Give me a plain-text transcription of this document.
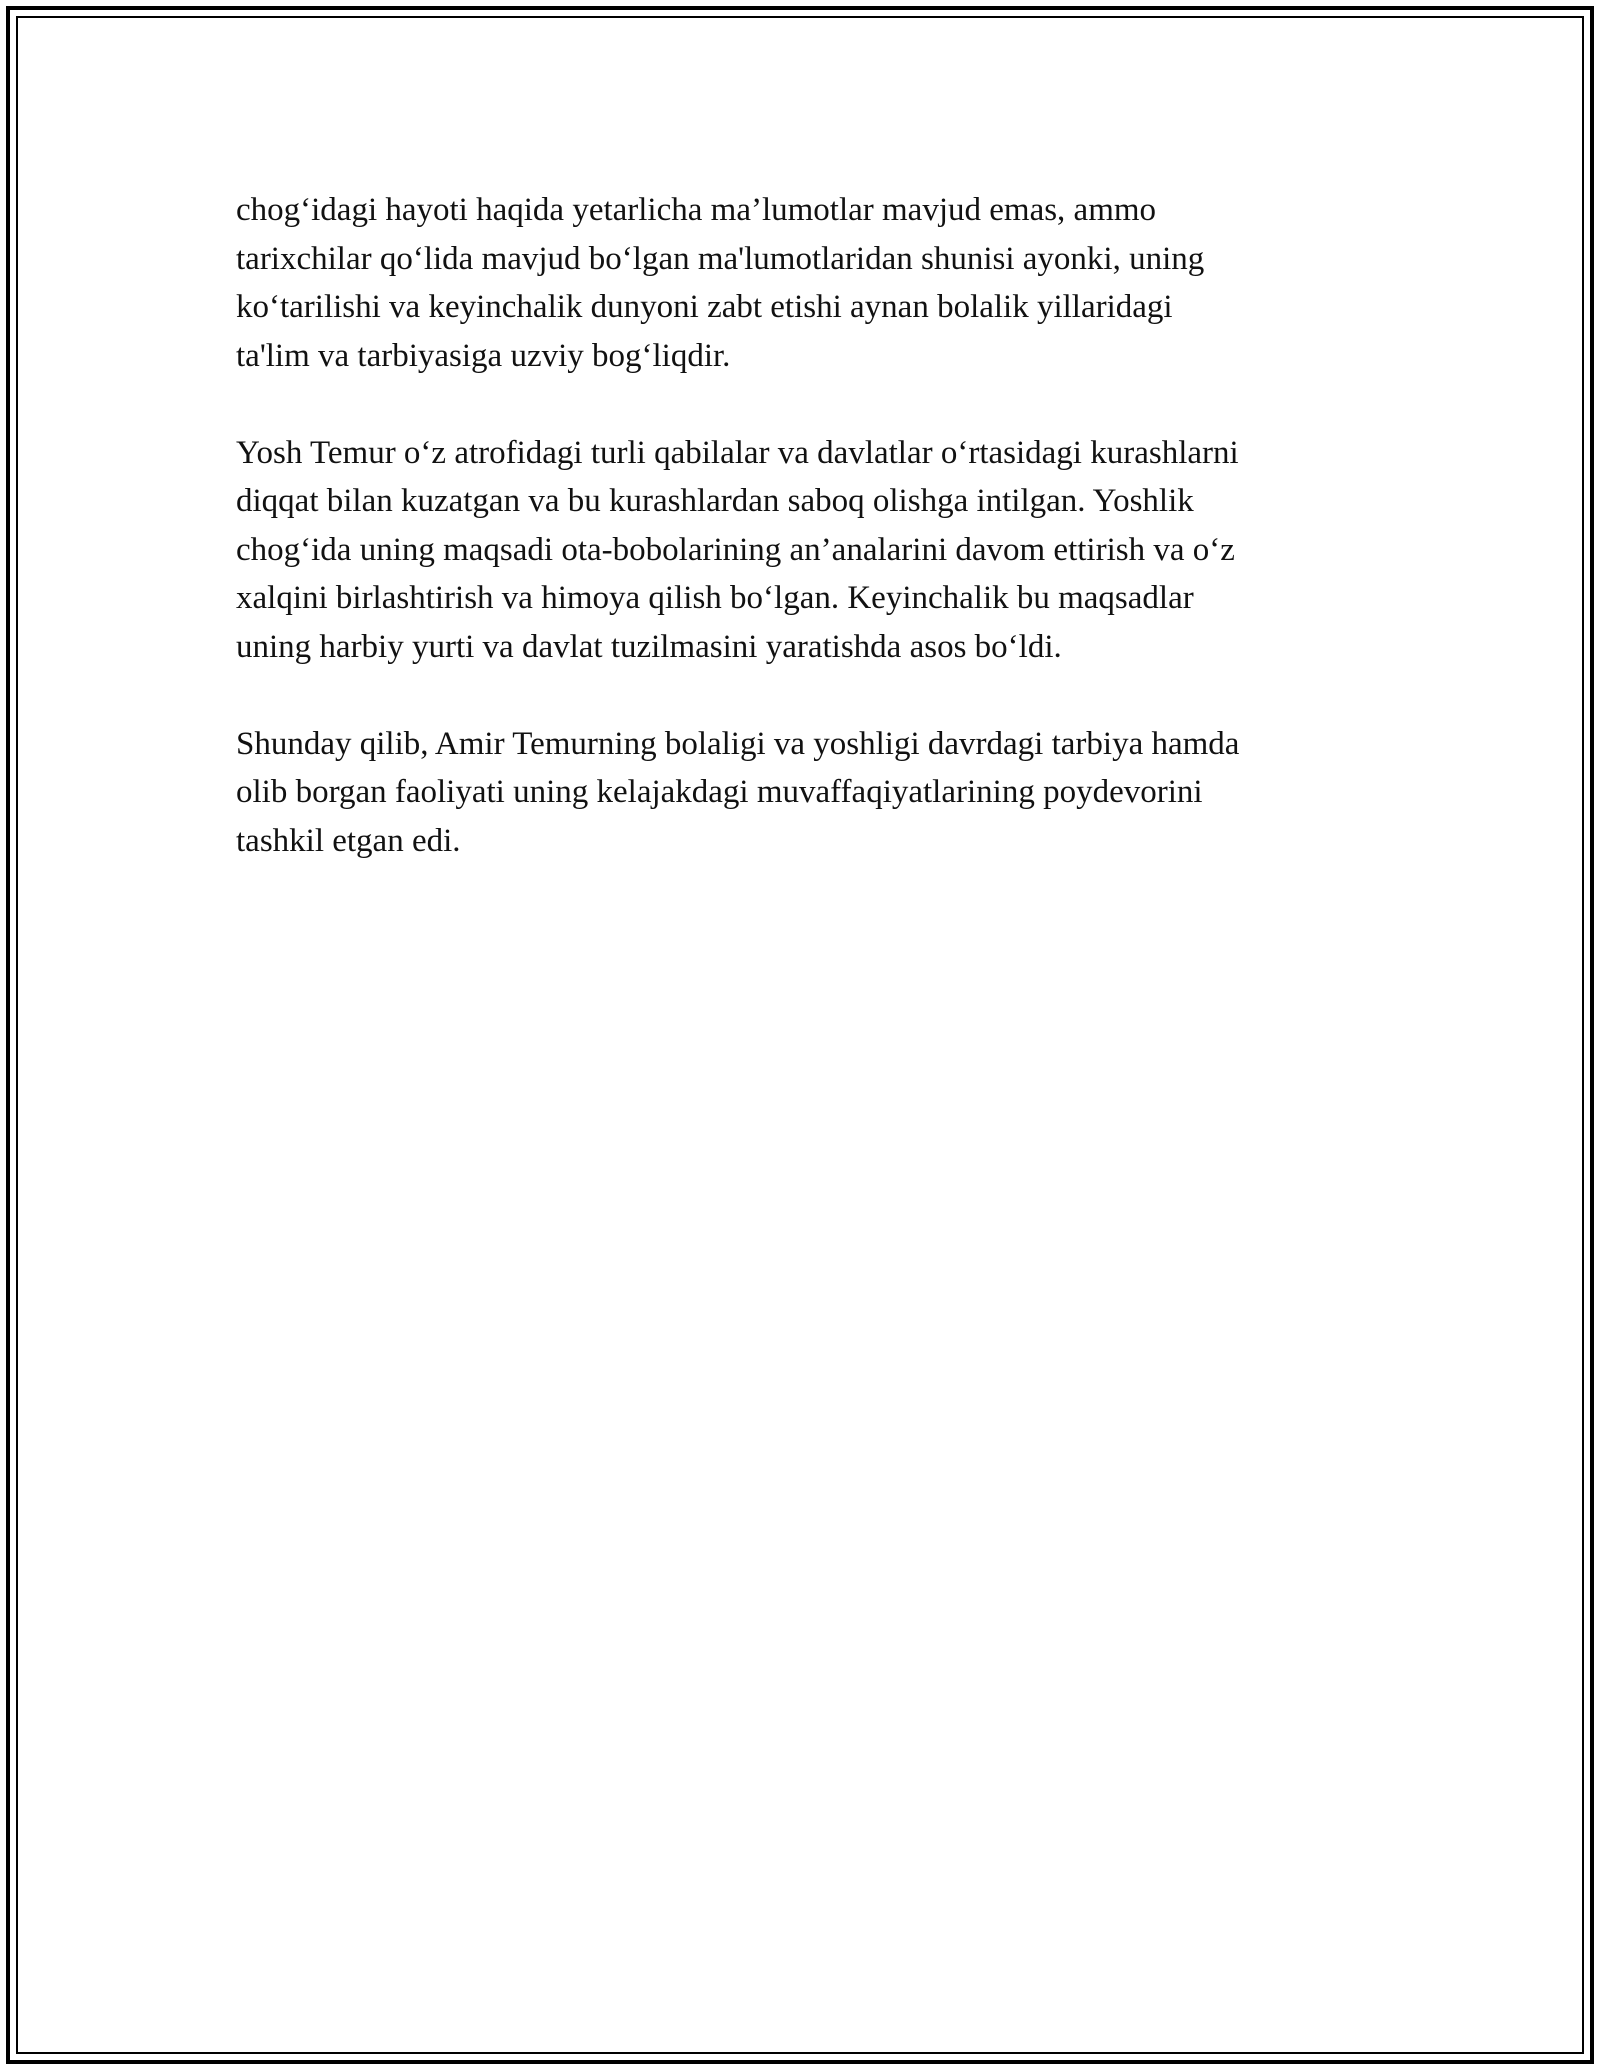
chog‘idagi hayoti haqida yetarlicha ma’lumotlar mavjud emas, ammo
tarixchilar qo‘lida mavjud bo‘lgan ma'lumotlaridan shunisi ayonki, uning
ko‘tarilishi va keyinchalik dunyoni zabt etishi aynan bolalik yillaridagi
ta'lim va tarbiyasiga uzviy bog‘liqdir.

Yosh Temur o‘z atrofidagi turli qabilalar va davlatlar o‘rtasidagi kurashlarni
diqqat bilan kuzatgan va bu kurashlardan saboq olishga intilgan. Yoshlik
chog‘ida uning maqsadi ota-bobolarining an’analarini davom ettirish va o‘z
xalqini birlashtirish va himoya qilish bo‘lgan. Keyinchalik bu maqsadlar
uning harbiy yurti va davlat tuzilmasini yaratishda asos bo‘ldi.

Shunday qilib, Amir Temurning bolaligi va yoshligi davrdagi tarbiya hamda
olib borgan faoliyati uning kelajakdagi muvaffaqiyatlarining poydevorini
tashkil etgan edi.
